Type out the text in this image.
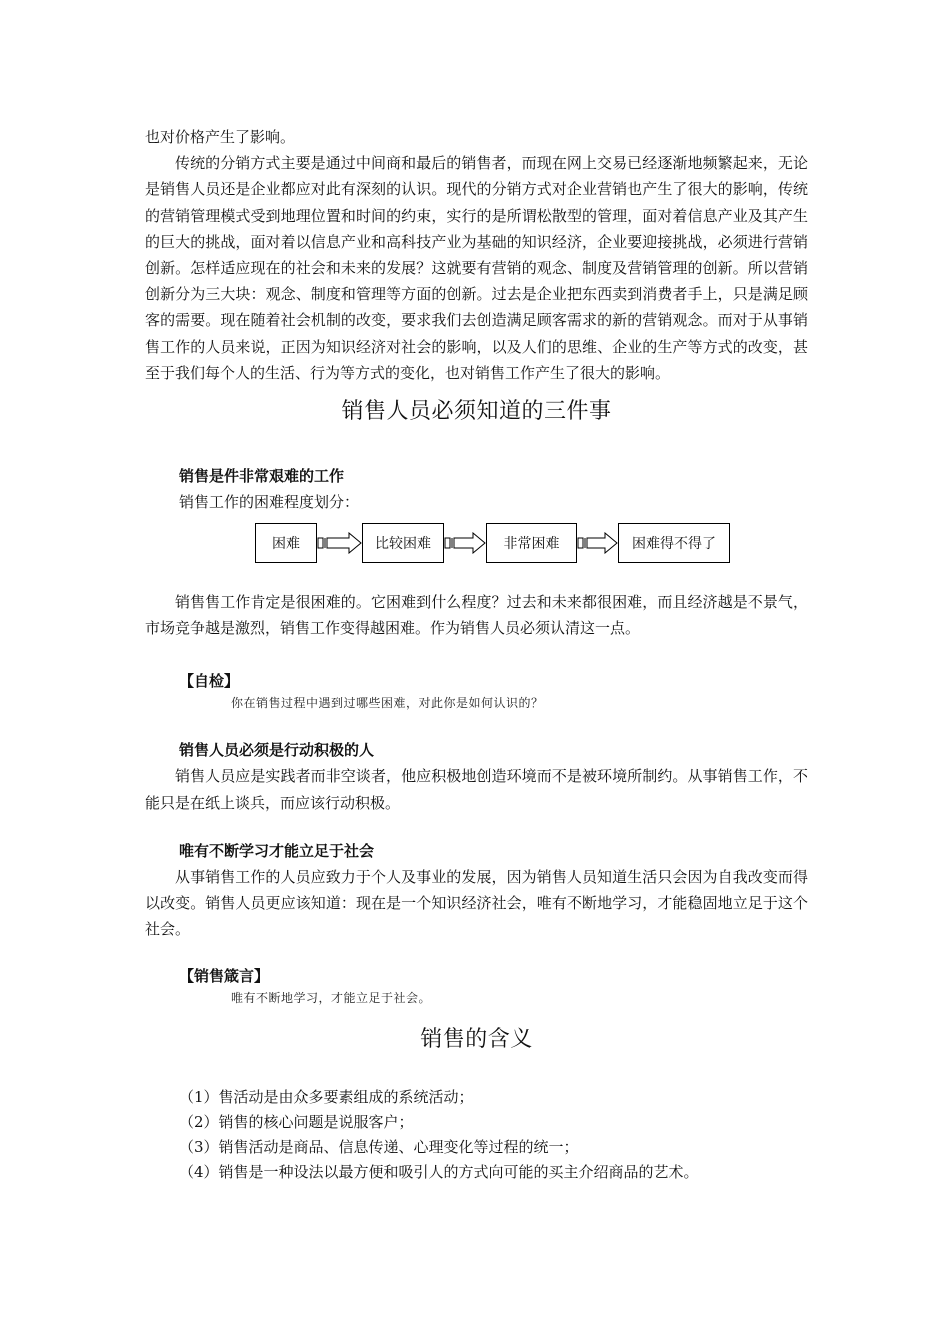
也对价格产生了影响。

传统的分销方式主要是通过中间商和最后的销售者，而现在网上交易已经逐渐地频繁起来，无论是销售人员还是企业都应对此有深刻的认识。现代的分销方式对企业营销也产生了很大的影响，传统的营销管理模式受到地理位置和时间的约束，实行的是所谓松散型的管理，面对着信息产业及其产生的巨大的挑战，面对着以信息产业和高科技产业为基础的知识经济，企业要迎接挑战，必须进行营销创新。怎样适应现在的社会和未来的发展？这就要有营销的观念、制度及营销管理的创新。所以营销创新分为三大块：观念、制度和管理等方面的创新。过去是企业把东西卖到消费者手上，只是满足顾客的需要。现在随着社会机制的改变，要求我们去创造满足顾客需求的新的营销观念。而对于从事销售工作的人员来说，正因为知识经济对社会的影响，以及人们的思维、企业的生产等方式的改变，甚至于我们每个人的生活、行为等方式的变化，也对销售工作产生了很大的影响。

销售人员必须知道的三件事
销售是件非常艰难的工作

销售工作的困难程度划分：

困难	比较困难	非常困难	困难得不得了

销售售工作肯定是很困难的。它困难到什么程度？过去和未来都很困难，而且经济越是不景气，市场竞争越是激烈，销售工作变得越困难。作为销售人员必须认清这一点。

【自检】

你在销售过程中遇到过哪些困难，对此你是如何认识的？

销售人员必须是行动积极的人

销售人员应是实践者而非空谈者，他应积极地创造环境而不是被环境所制约。从事销售工作，不能只是在纸上谈兵，而应该行动积极。

唯有不断学习才能立足于社会

从事销售工作的人员应致力于个人及事业的发展，因为销售人员知道生活只会因为自我改变而得以改变。销售人员更应该知道：现在是一个知识经济社会，唯有不断地学习，才能稳固地立足于这个社会。

【销售箴言】

唯有不断地学习，才能立足于社会。

销售的含义
（1）售活动是由众多要素组成的系统活动；
（2）销售的核心问题是说服客户；
（3）销售活动是商品、信息传递、心理变化等过程的统一；
（4）销售是一种设法以最方便和吸引人的方式向可能的买主介绍商品的艺术。
